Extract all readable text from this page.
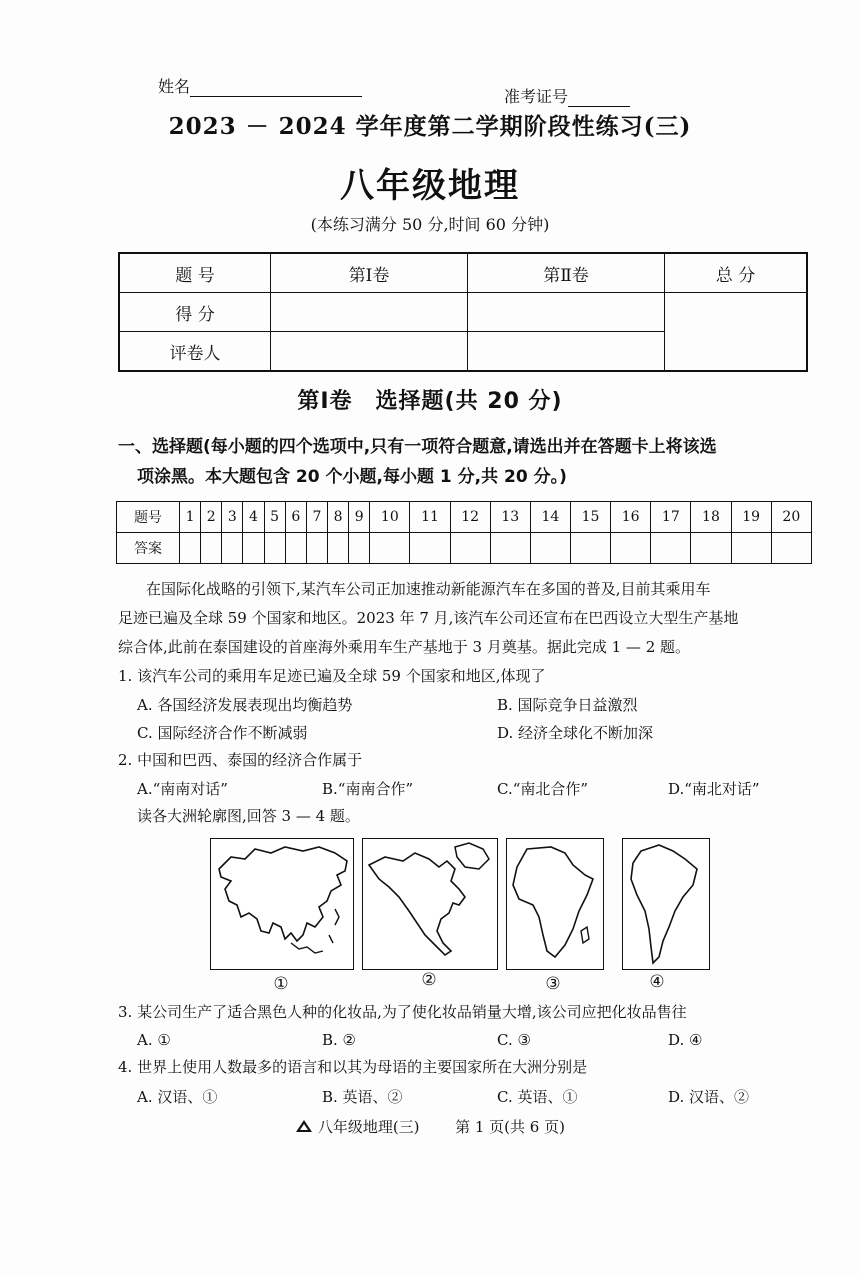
姓名
准考证号
2023 － 2024 学年度第二学期阶段性练习(三)
八年级地理
(本练习满分 50 分,时间 60 分钟)
题 号	第Ⅰ卷	第Ⅱ卷	总 分
得 分			
评卷人			
第Ⅰ卷　选择题(共 20 分)
一、选择题(每小题的四个选项中,只有一项符合题意,请选出并在答题卡上将该选
项涂黑。本大题包含 20 个小题,每小题 1 分,共 20 分。)
题号	1	2	3	4	5	6	7	8	9	10	11	12	13	14	15	16	17	18	19	20
答案																				
在国际化战略的引领下,某汽车公司正加速推动新能源汽车在多国的普及,目前其乘用车
足迹已遍及全球 59 个国家和地区。2023 年 7 月,该汽车公司还宣布在巴西设立大型生产基地
综合体,此前在泰国建设的首座海外乘用车生产基地于 3 月奠基。据此完成 1 — 2 题。
1. 该汽车公司的乘用车足迹已遍及全球 59 个国家和地区,体现了
A. 各国经济发展表现出均衡趋势	B. 国际竞争日益激烈
C. 国际经济合作不断减弱	D. 经济全球化不断加深
2. 中国和巴西、泰国的经济合作属于
A.“南南对话”	B.“南南合作”	C.“南北合作”	D.“南北对话”
读各大洲轮廓图,回答 3 — 4 题。
①	②	③	④
3. 某公司生产了适合黑色人种的化妆品,为了使化妆品销量大增,该公司应把化妆品售往
A. ①	B. ②	C. ③	D. ④
4. 世界上使用人数最多的语言和以其为母语的主要国家所在大洲分别是
A. 汉语、①	B. 英语、②	C. 英语、①	D. 汉语、②
八年级地理(三) 第 1 页(共 6 页)
